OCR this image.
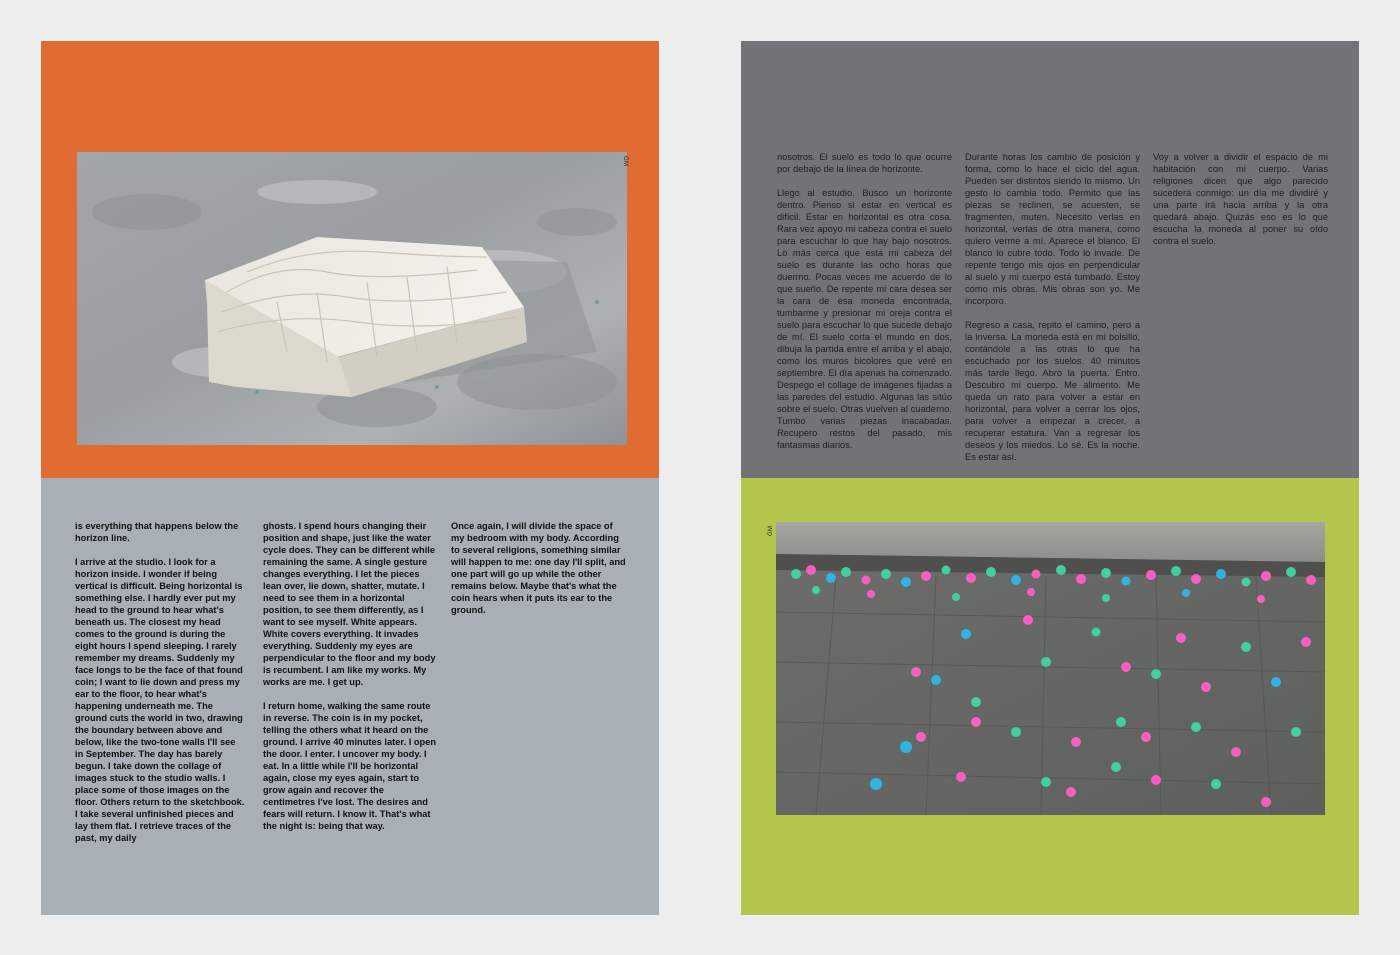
GM

is everything that happens below the horizon line.

I arrive at the studio. I look for a horizon inside. I wonder if being vertical is difficult. Being horizontal is something else. I hardly ever put my head to the ground to hear what's beneath us. The closest my head comes to the ground is during the eight hours I spend sleeping. I rarely remember my dreams. Suddenly my face longs to be the face of that found coin; I want to lie down and press my ear to the floor, to hear what's happening underneath me. The ground cuts the world in two, drawing the boundary between above and below, like the two-tone walls I'll see in September. The day has barely begun. I take down the collage of images stuck to the studio walls. I place some of those images on the floor. Others return to the sketchbook. I take several unfinished pieces and lay them flat. I retrieve traces of the past, my daily

ghosts. I spend hours changing their position and shape, just like the water cycle does. They can be different while remaining the same. A single gesture changes everything. I let the pieces lean over, lie down, shatter, mutate. I need to see them in a horizontal position, to see them differently, as I want to see myself. White appears. White covers everything. It invades everything. Suddenly my eyes are perpendicular to the floor and my body is recumbent. I am like my works. My works are me. I get up.

I return home, walking the same route in reverse. The coin is in my pocket, telling the others what it heard on the ground. I arrive 40 minutes later. I open the door. I enter. I uncover my body. I eat. In a little while I'll be horizontal again, close my eyes again, start to grow again and recover the centimetres I've lost. The desires and fears will return. I know it. That's what the night is: being that way.

Once again, I will divide the space of my bedroom with my body. According to several religions, something similar will happen to me: one day I'll split, and one part will go up while the other remains below. Maybe that's what the coin hears when it puts its ear to the ground.

nosotros. El suelo es todo lo que ocurre por debajo de la línea de horizonte.

Llego al estudio. Busco un horizonte dentro. Pienso si estar en vertical es difícil. Estar en horizontal es otra cosa. Rara vez apoyo mi cabeza contra el suelo para escuchar lo que hay bajo nosotros. Lo más cerca que está mi cabeza del suelo es durante las ocho horas que duermo. Pocas veces me acuerdo de lo que sueño. De repente mi cara desea ser la cara de esa moneda encontrada, tumbarme y presionar mi oreja contra el suelo para escuchar lo que sucede debajo de mí. El suelo corta el mundo en dos, dibuja la partida entre el arriba y el abajo, como los muros bicolores que veré en septiembre. El día apenas ha comenzado. Despego el collage de imágenes fijadas a las paredes del estudio. Algunas las sitúo sobre el suelo. Otras vuelven al cuaderno. Tumbo varias piezas inacabadas. Recupero restos del pasado, mis fantasmas diarios.

Durante horas los cambio de posición y forma, como lo hace el ciclo del agua. Pueden ser distintos siendo lo mismo. Un gesto lo cambia todo. Permito que las piezas se reclinen, se acuesten, se fragmenten, muten. Necesito verlas en horizontal, verlas de otra manera, como quiero verme a mí. Aparece el blanco. El blanco lo cubre todo. Todo lo invade. De repente tengo mis ojos en perpendicular al suelo y mi cuerpo está tumbado. Estoy como mis obras. Mis obras son yo. Me incorporo.

Regreso a casa, repito el camino, pero a la inversa. La moneda está en mi bolsillo, contándole a las otras lo que ha escuchado por los suelos. 40 minutos más tarde llego. Abro la puerta. Entro. Descubro mi cuerpo. Me alimento. Me queda un rato para volver a estar en horizontal, para volver a cerrar los ojos, para volver a empezar a crecer, a recuperar estatura. Van a regresar los deseos y los miedos. Lo sé. Es la noche. Es estar así.

Voy a volver a dividir el espacio de mi habitación con mi cuerpo. Varias religiones dicen que algo parecido sucederá conmigo: un día me dividiré y una parte irá hacia arriba y la otra quedará abajo. Quizás eso es lo que escucha la moneda al poner su oído contra el suelo.

GM
